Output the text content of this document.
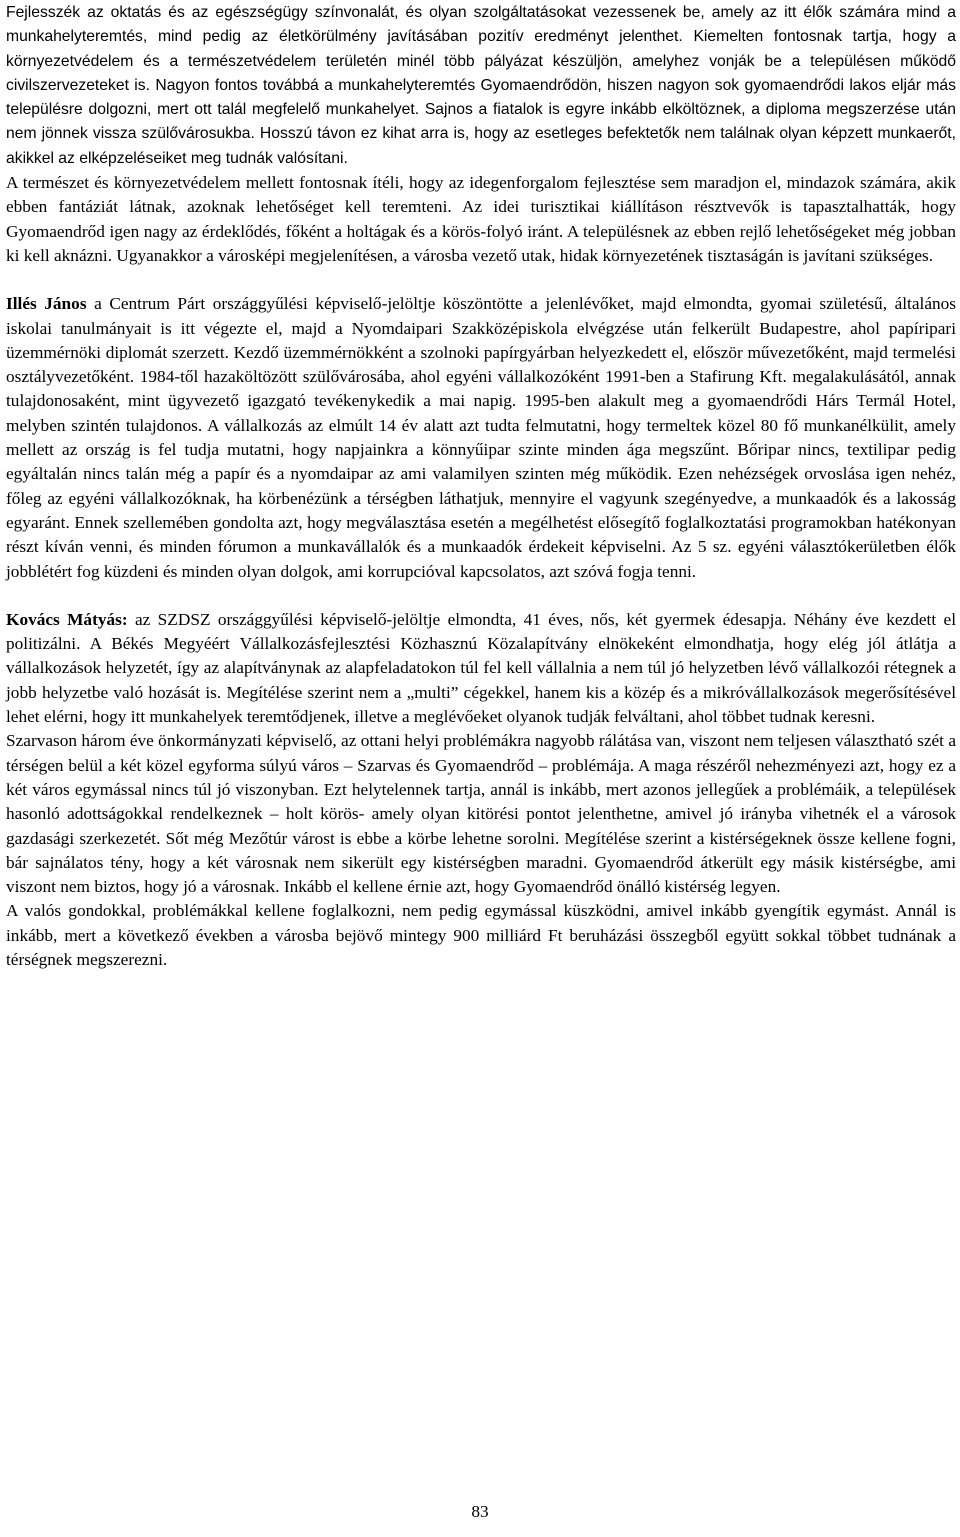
Fejlesszék az oktatás és az egészségügy színvonalát, és olyan szolgáltatásokat vezessenek be, amely az itt élők számára mind a munkahelyteremtés, mind pedig az életkörülmény javításában pozitív eredményt jelenthet. Kiemelten fontosnak tartja, hogy a környezetvédelem és a természetvédelem területén minél több pályázat készüljön, amelyhez vonják be a településen működő civilszervezeteket is. Nagyon fontos továbbá a munkahelyteremtés Gyomaendrődön, hiszen nagyon sok gyomaendrődi lakos eljár más településre dolgozni, mert ott talál megfelelő munkahelyet. Sajnos a fiatalok is egyre inkább elköltöznek, a diploma megszerzése után nem jönnek vissza szülővárosukba. Hosszú távon ez kihat arra is, hogy az esetleges befektetők nem találnak olyan képzett munkaerőt, akikkel az elképzeléseiket meg tudnák valósítani.

A természet és környezetvédelem mellett fontosnak ítéli, hogy az idegenforgalom fejlesztése sem maradjon el, mindazok számára, akik ebben fantáziát látnak, azoknak lehetőséget kell teremteni. Az idei turisztikai kiállításon résztvevők is tapasztalhatták, hogy Gyomaendrőd igen nagy az érdeklődés, főként a holtágak és a körös-folyó iránt. A településnek az ebben rejlő lehetőségeket még jobban ki kell aknázni. Ugyanakkor a városképi megjelenítésen, a városba vezető utak, hidak környezetének tisztaságán is javítani szükséges.

Illés János a Centrum Párt országgyűlési képviselő-jelöltje köszöntötte a jelenlévőket, majd elmondta, gyomai születésű, általános iskolai tanulmányait is itt végezte el, majd a Nyomdaipari Szakközépiskola elvégzése után felkerült Budapestre, ahol papíripari üzemmérnöki diplomát szerzett. Kezdő üzemmérnökként a szolnoki papírgyárban helyezkedett el, először művezetőként, majd termelési osztályvezetőként. 1984-től hazaköltözött szülővárosába, ahol egyéni vállalkozóként 1991-ben a Stafirung Kft. megalakulásától, annak tulajdonosaként, mint ügyvezető igazgató tevékenykedik a mai napig. 1995-ben alakult meg a gyomaendrődi Hárs Termál Hotel, melyben szintén tulajdonos. A vállalkozás az elmúlt 14 év alatt azt tudta felmutatni, hogy termeltek közel 80 fő munkanélkülit, amely mellett az ország is fel tudja mutatni, hogy napjainkra a könnyűipar szinte minden ága megszűnt. Bőripar nincs, textilipar pedig egyáltalán nincs talán még a papír és a nyomdaipar az ami valamilyen szinten még működik. Ezen nehézségek orvoslása igen nehéz, főleg az egyéni vállalkozóknak, ha körbenézünk a térségben láthatjuk, mennyire el vagyunk szegényedve, a munkaadók és a lakosság egyaránt. Ennek szellemében gondolta azt, hogy megválasztása esetén a megélhetést elősegítő foglalkoztatási programokban hatékonyan részt kíván venni, és minden fórumon a munkavállalók és a munkaadók érdekeit képviselni. Az 5 sz. egyéni választókerületben élők jobblétért fog küzdeni és minden olyan dolgok, ami korrupcióval kapcsolatos, azt szóvá fogja tenni.

Kovács Mátyás: az SZDSZ országgyűlési képviselő-jelöltje elmondta, 41 éves, nős, két gyermek édesapja. Néhány éve kezdett el politizálni. A Békés Megyéért Vállalkozásfejlesztési Közhasznú Közalapítvány elnökeként elmondhatja, hogy elég jól átlátja a vállalkozások helyzetét, így az alapítványnak az alapfeladatokon túl fel kell vállalnia a nem túl jó helyzetben lévő vállalkozói rétegnek a jobb helyzetbe való hozását is. Megítélése szerint nem a „multi” cégekkel, hanem kis a közép és a mikróvállalkozások megerősítésével lehet elérni, hogy itt munkahelyek teremtődjenek, illetve a meglévőeket olyanok tudják felváltani, ahol többet tudnak keresni.

Szarvason három éve önkormányzati képviselő, az ottani helyi problémákra nagyobb rálátása van, viszont nem teljesen választható szét a térségen belül a két közel egyforma súlyú város – Szarvas és Gyomaendrőd – problémája. A maga részéről nehezményezi azt, hogy ez a két város egymással nincs túl jó viszonyban. Ezt helytelennek tartja, annál is inkább, mert azonos jellegűek a problémáik, a települések hasonló adottságokkal rendelkeznek – holt körös- amely olyan kitörési pontot jelenthetne, amivel jó irányba vihetnék el a városok gazdasági szerkezetét. Sőt még Mezőtúr várost is ebbe a körbe lehetne sorolni. Megítélése szerint a kistérségeknek össze kellene fogni, bár sajnálatos tény, hogy a két városnak nem sikerült egy kistérségben maradni. Gyomaendrőd átkerült egy másik kistérségbe, ami viszont nem biztos, hogy jó a városnak. Inkább el kellene érnie azt, hogy Gyomaendrőd önálló kistérség legyen.

A valós gondokkal, problémákkal kellene foglalkozni, nem pedig egymással küszködni, amivel inkább gyengítik egymást. Annál is inkább, mert a következő években a városba bejövő mintegy 900 milliárd Ft beruházási összegből együtt sokkal többet tudnának a térségnek megszerezni.

83
